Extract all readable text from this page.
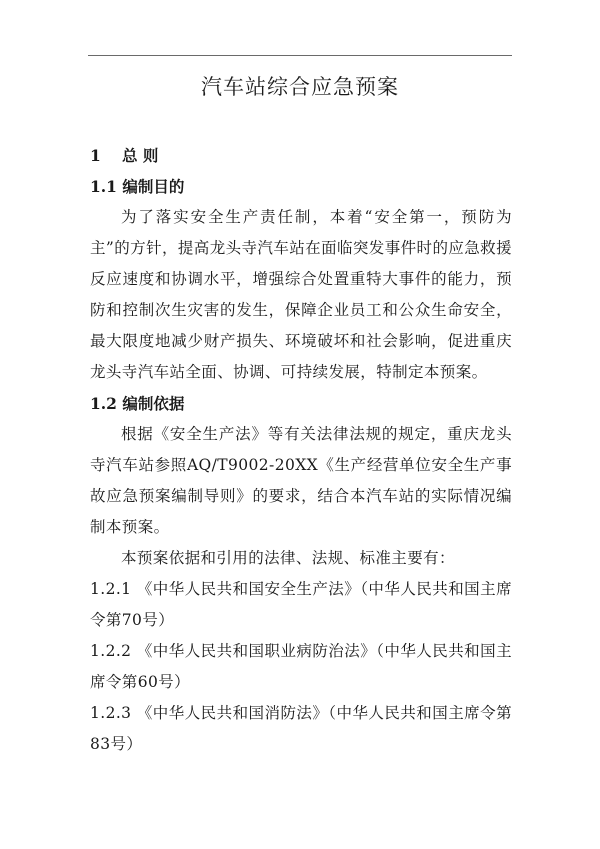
汽车站综合应急预案
1 总 则
1.1 编制目的

为了落实安全生产责任制，本着“安全第一，预防为主”的方针，提高龙头寺汽车站在面临突发事件时的应急救援反应速度和协调水平，增强综合处置重特大事件的能力，预防和控制次生灾害的发生，保障企业员工和公众生命安全，最大限度地减少财产损失、环境破坏和社会影响，促进重庆龙头寺汽车站全面、协调、可持续发展，特制定本预案。

1.2 编制依据

根据《安全生产法》等有关法律法规的规定，重庆龙头寺汽车站参照AQ/T9002-20XX《生产经营单位安全生产事故应急预案编制导则》的要求，结合本汽车站的实际情况编制本预案。

本预案依据和引用的法律、法规、标准主要有：

1.2.1 《中华人民共和国安全生产法》（中华人民共和国主席令第70号）

1.2.2 《中华人民共和国职业病防治法》（中华人民共和国主席令第60号）

1.2.3 《中华人民共和国消防法》（中华人民共和国主席令第83号）
